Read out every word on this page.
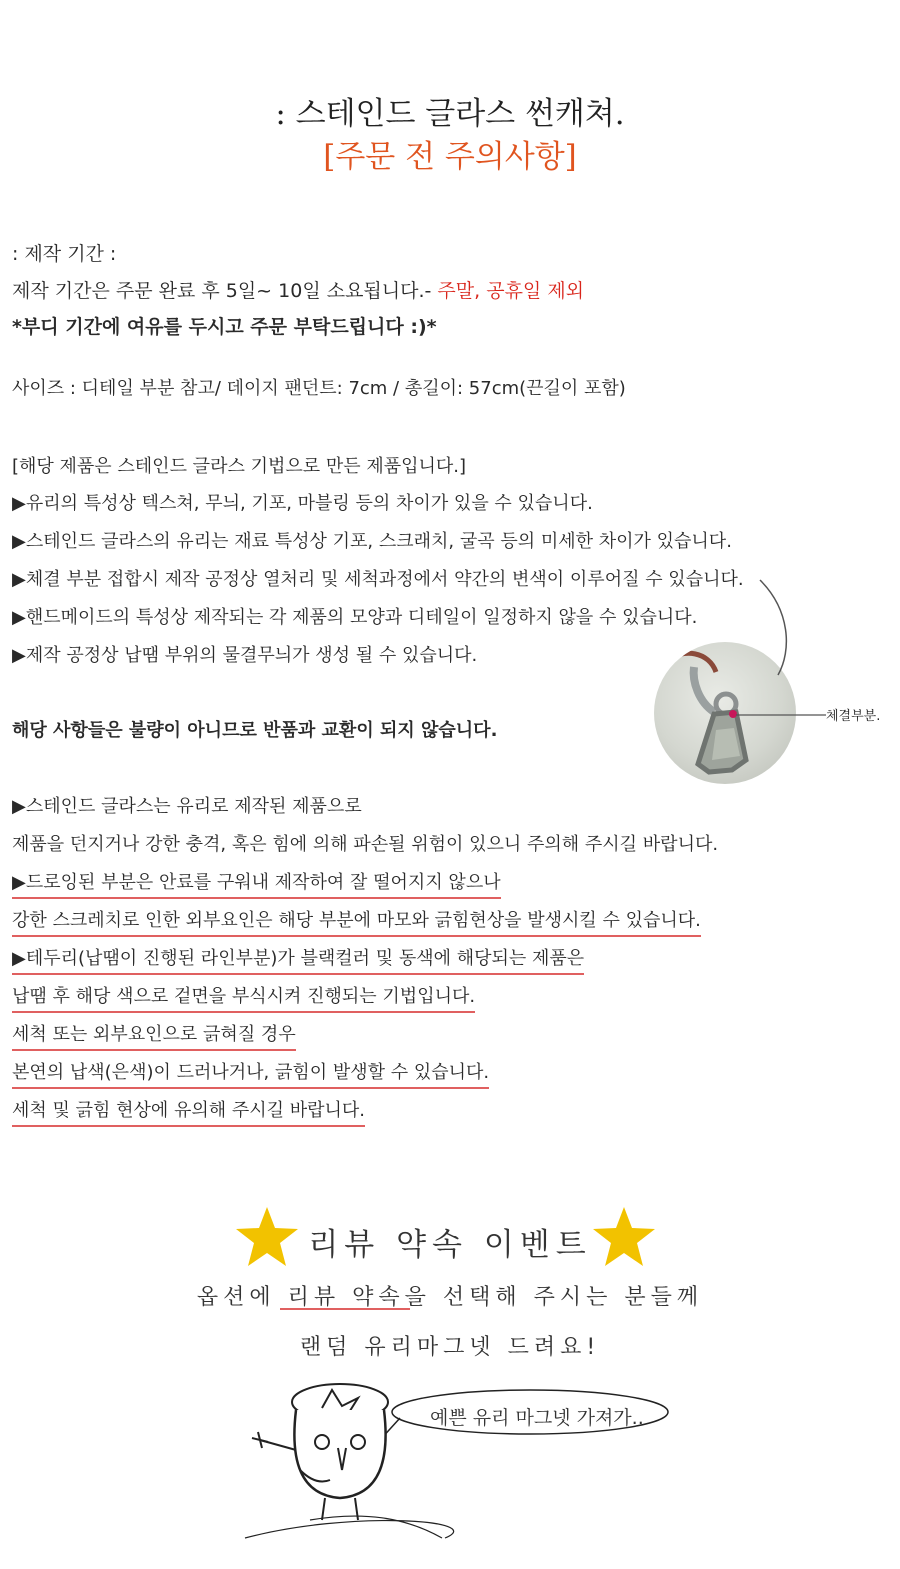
: 스테인드 글라스 썬캐쳐.
[주문 전 주의사항]
: 제작 기간 :
제작 기간은 주문 완료 후 5일~ 10일 소요됩니다.- 주말, 공휴일 제외
*부디 기간에 여유를 두시고 주문 부탁드립니다 :)*
사이즈 : 디테일 부분 참고/ 데이지 팬던트: 7cm / 총길이: 57cm(끈길이 포함)
[해당 제품은 스테인드 글라스 기법으로 만든 제품입니다.]
▶유리의 특성상 텍스쳐, 무늬, 기포, 마블링 등의 차이가 있을 수 있습니다.
▶스테인드 글라스의 유리는 재료 특성상 기포, 스크래치, 굴곡 등의 미세한 차이가 있습니다.
▶체결 부분 접합시 제작 공정상 열처리 및 세척과정에서 약간의 변색이 이루어질 수 있습니다.
▶핸드메이드의 특성상 제작되는 각 제품의 모양과 디테일이 일정하지 않을 수 있습니다.
▶제작 공정상 납땜 부위의 물결무늬가 생성 될 수 있습니다.
해당 사항들은 불량이 아니므로 반품과 교환이 되지 않습니다.
체결부분.
▶스테인드 글라스는 유리로 제작된 제품으로
제품을 던지거나 강한 충격, 혹은 힘에 의해 파손될 위험이 있으니 주의해 주시길 바랍니다.
▶드로잉된 부분은 안료를 구워내 제작하여 잘 떨어지지 않으나
강한 스크레치로 인한 외부요인은 해당 부분에 마모와 긁힘현상을 발생시킬 수 있습니다.
▶테두리(납땜이 진행된 라인부분)가 블랙컬러 및 동색에 해당되는 제품은
납땜 후 해당 색으로 겉면을 부식시켜 진행되는 기법입니다.
세척 또는 외부요인으로 긁혀질 경우
본연의 납색(은색)이 드러나거나, 긁힘이 발생할 수 있습니다.
세척 및 긁힘 현상에 유의해 주시길 바랍니다.
리뷰 약속 이벤트
옵션에 리뷰 약속을 선택해 주시는 분들께
랜덤 유리마그넷 드려요!
예쁜 유리 마그넷 가져가..
